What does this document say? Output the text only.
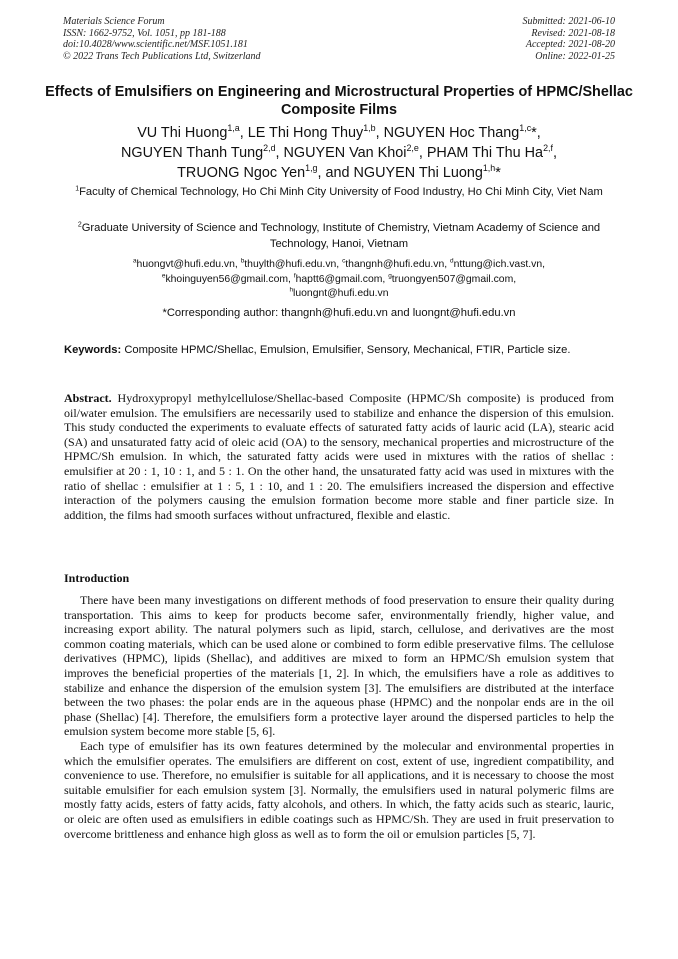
Materials Science Forum
ISSN: 1662-9752, Vol. 1051, pp 181-188
doi:10.4028/www.scientific.net/MSF.1051.181
© 2022 Trans Tech Publications Ltd, Switzerland
Submitted: 2021-06-10
Revised: 2021-08-18
Accepted: 2021-08-20
Online: 2022-01-25
Effects of Emulsifiers on Engineering and Microstructural Properties of HPMC/Shellac Composite Films
VU Thi Huong$^{1,a}$, LE Thi Hong Thuy$^{1,b}$, NGUYEN Hoc Thang$^{1,c}$*,
NGUYEN Thanh Tung$^{2,d}$, NGUYEN Van Khoi$^{2,e}$, PHAM Thi Thu Ha$^{2,f}$,
TRUONG Ngoc Yen$^{1,g}$, and NGUYEN Thi Luong$^{1,h}$*
$^1$Faculty of Chemical Technology, Ho Chi Minh City University of Food Industry, Ho Chi Minh City, Viet Nam
$^2$Graduate University of Science and Technology, Institute of Chemistry, Vietnam Academy of Science and Technology, Hanoi, Vietnam
$^a$huongvt@hufi.edu.vn, $^b$thuylth@hufi.edu.vn, $^c$thangnh@hufi.edu.vn, $^d$nttung@ich.vast.vn,
$^e$khoinguyen56@gmail.com, $^f$haptt6@gmail.com, $^g$truongyen507@gmail.com,
$^h$luongnt@hufi.edu.vn
*Corresponding author: thangnh@hufi.edu.vn and luongnt@hufi.edu.vn
Keywords: Composite HPMC/Shellac, Emulsion, Emulsifier, Sensory, Mechanical, FTIR, Particle size.
Abstract. Hydroxypropyl methylcellulose/Shellac-based Composite (HPMC/Sh composite) is produced from oil/water emulsion. The emulsifiers are necessarily used to stabilize and enhance the dispersion of this emulsion. This study conducted the experiments to evaluate effects of saturated fatty acids of lauric acid (LA), stearic acid (SA) and unsaturated fatty acid of oleic acid (OA) to the sensory, mechanical properties and microstructure of the HPMC/Sh emulsion. In which, the saturated fatty acids were used in mixtures with the ratios of shellac : emulsifier at 20 : 1, 10 : 1, and 5 : 1. On the other hand, the unsaturated fatty acid was used in mixtures with the ratio of shellac : emulsifier at 1 : 5, 1 : 10, and 1 : 20. The emulsifiers increased the dispersion and effective interaction of the polymers causing the emulsion formation become more stable and finer particle size. In addition, the films had smooth surfaces without unfractured, flexible and elastic.
Introduction

There have been many investigations on different methods of food preservation to ensure their quality during transportation. This aims to keep for products become safer, environmentally friendly, higher value, and increasing export ability. The natural polymers such as lipid, starch, cellulose, and derivatives are the most common coating materials, which can be used alone or combined to form edible preservative films. The cellulose derivatives (HPMC), lipids (Shellac), and additives are mixed to form an HPMC/Sh emulsion system that improves the beneficial properties of the materials [1, 2]. In which, the emulsifiers have a role as additives to stabilize and enhance the dispersion of the emulsion system [3]. The emulsifiers are distributed at the interface between the two phases: the polar ends are in the aqueous phase (HPMC) and the nonpolar ends are in the oil phase (Shellac) [4]. Therefore, the emulsifiers form a protective layer around the dispersed particles to help the emulsion system become more stable [5, 6].

Each type of emulsifier has its own features determined by the molecular and environmental properties in which the emulsifier operates. The emulsifiers are different on cost, extent of use, ingredient compatibility, and convenience to use. Therefore, no emulsifier is suitable for all applications, and it is necessary to choose the most suitable emulsifier for each emulsion system [3]. Normally, the emulsifiers used in natural polymeric films are mostly fatty acids, esters of fatty acids, fatty alcohols, and others. In which, the fatty acids such as stearic, lauric, or oleic are often used as emulsifiers in edible coatings such as HPMC/Sh. They are used in fruit preservation to overcome brittleness and enhance high gloss as well as to form the oil or emulsion particles [5, 7].
